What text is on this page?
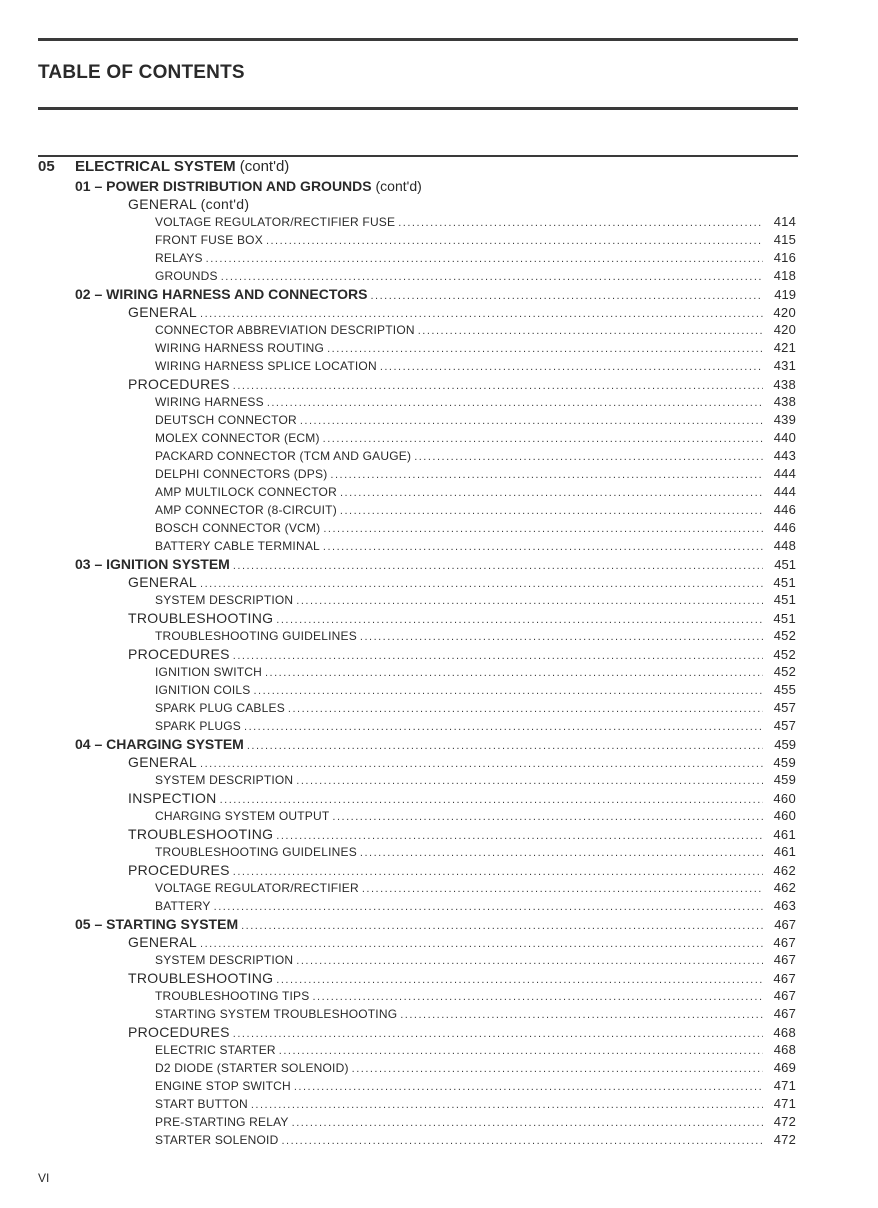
TABLE OF CONTENTS
05 ELECTRICAL SYSTEM (cont'd)
01 – POWER DISTRIBUTION AND GROUNDS (cont'd)
GENERAL (cont'd)
VOLTAGE REGULATOR/RECTIFIER FUSE .....	414
FRONT FUSE BOX .....	415
RELAYS .....	416
GROUNDS .....	418
02 – WIRING HARNESS AND CONNECTORS .....	419
GENERAL .....	420
CONNECTOR ABBREVIATION DESCRIPTION .....	420
WIRING HARNESS ROUTING .....	421
WIRING HARNESS SPLICE LOCATION .....	431
PROCEDURES .....	438
WIRING HARNESS .....	438
DEUTSCH CONNECTOR .....	439
MOLEX CONNECTOR (ECM) .....	440
PACKARD CONNECTOR (TCM AND GAUGE) .....	443
DELPHI CONNECTORS (DPS) .....	444
AMP MULTILOCK CONNECTOR .....	444
AMP CONNECTOR (8-CIRCUIT) .....	446
BOSCH CONNECTOR (VCM) .....	446
BATTERY CABLE TERMINAL .....	448
03 – IGNITION SYSTEM .....	451
GENERAL .....	451
SYSTEM DESCRIPTION .....	451
TROUBLESHOOTING .....	451
TROUBLESHOOTING GUIDELINES .....	452
PROCEDURES .....	452
IGNITION SWITCH .....	452
IGNITION COILS .....	455
SPARK PLUG CABLES .....	457
SPARK PLUGS .....	457
04 – CHARGING SYSTEM .....	459
GENERAL .....	459
SYSTEM DESCRIPTION .....	459
INSPECTION .....	460
CHARGING SYSTEM OUTPUT .....	460
TROUBLESHOOTING .....	461
TROUBLESHOOTING GUIDELINES .....	461
PROCEDURES .....	462
VOLTAGE REGULATOR/RECTIFIER .....	462
BATTERY .....	463
05 – STARTING SYSTEM .....	467
GENERAL .....	467
SYSTEM DESCRIPTION .....	467
TROUBLESHOOTING .....	467
TROUBLESHOOTING TIPS .....	467
STARTING SYSTEM TROUBLESHOOTING .....	467
PROCEDURES .....	468
ELECTRIC STARTER .....	468
D2 DIODE (STARTER SOLENOID) .....	469
ENGINE STOP SWITCH .....	471
START BUTTON .....	471
PRE-STARTING RELAY .....	472
STARTER SOLENOID .....	472
VI
